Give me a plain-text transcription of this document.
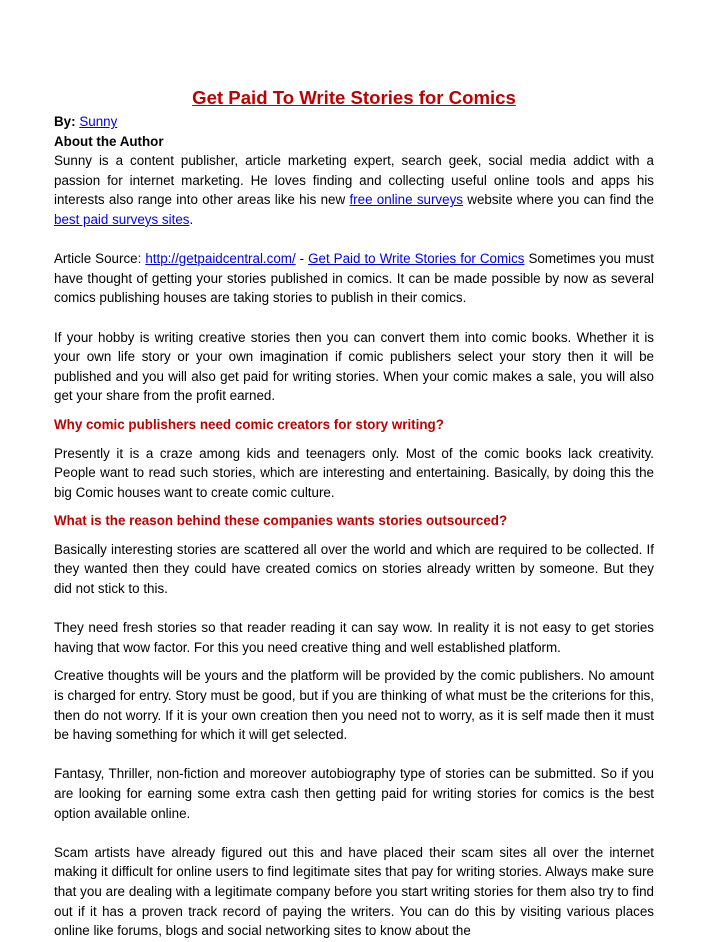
Get Paid To Write Stories for Comics
By: Sunny
About the Author

Sunny is a content publisher, article marketing expert, search geek, social media addict with a passion for internet marketing. He loves finding and collecting useful online tools and apps his interests also range into other areas like his new free online surveys website where you can find the best paid surveys sites.

Article Source: http://getpaidcentral.com/ - Get Paid to Write Stories for Comics Sometimes you must have thought of getting your stories published in comics. It can be made possible by now as several comics publishing houses are taking stories to publish in their comics.

If your hobby is writing creative stories then you can convert them into comic books. Whether it is your own life story or your own imagination if comic publishers select your story then it will be published and you will also get paid for writing stories. When your comic makes a sale, you will also get your share from the profit earned.

Why comic publishers need comic creators for story writing?

Presently it is a craze among kids and teenagers only. Most of the comic books lack creativity. People want to read such stories, which are interesting and entertaining. Basically, by doing this the big Comic houses want to create comic culture.

What is the reason behind these companies wants stories outsourced?

Basically interesting stories are scattered all over the world and which are required to be collected. If they wanted then they could have created comics on stories already written by someone. But they did not stick to this.

They need fresh stories so that reader reading it can say wow. In reality it is not easy to get stories having that wow factor. For this you need creative thing and well established platform.

Creative thoughts will be yours and the platform will be provided by the comic publishers. No amount is charged for entry. Story must be good, but if you are thinking of what must be the criterions for this, then do not worry. If it is your own creation then you need not to worry, as it is self made then it must be having something for which it will get selected.

Fantasy, Thriller, non-fiction and moreover autobiography type of stories can be submitted. So if you are looking for earning some extra cash then getting paid for writing stories for comics is the best option available online.

Scam artists have already figured out this and have placed their scam sites all over the internet making it difficult for online users to find legitimate sites that pay for writing stories. Always make sure that you are dealing with a legitimate company before you start writing stories for them also try to find out if it has a proven track record of paying the writers. You can do this by visiting various places online like forums, blogs and social networking sites to know about the
